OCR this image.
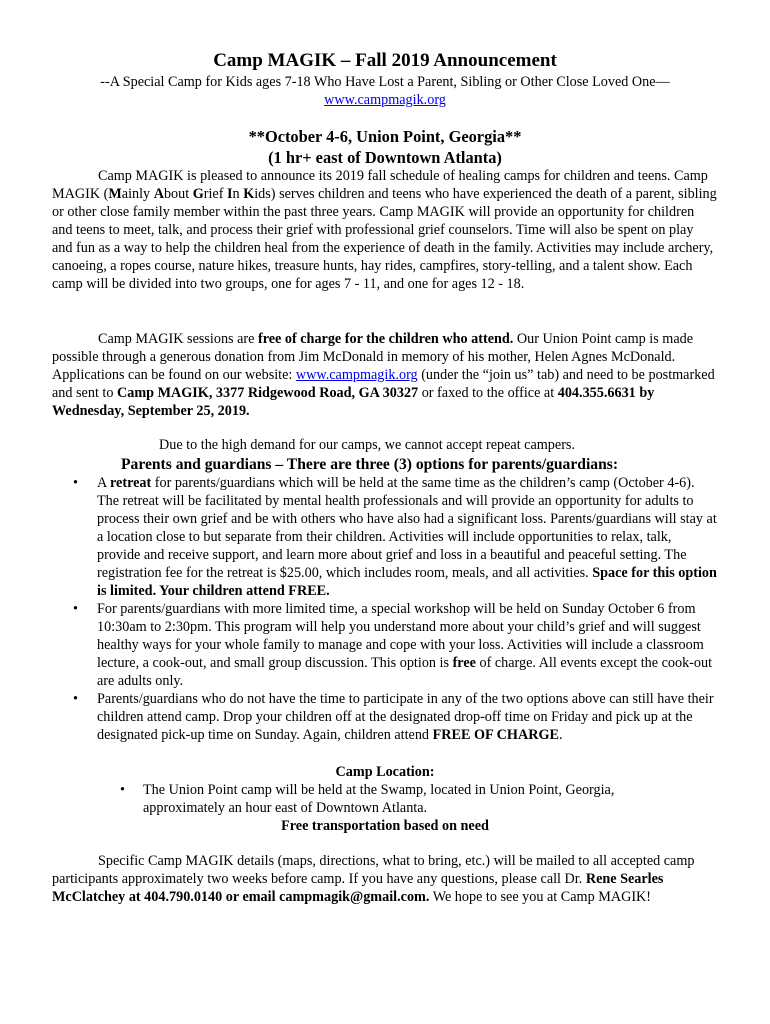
Camp MAGIK – Fall 2019 Announcement
--A Special Camp for Kids ages 7-18 Who Have Lost a Parent, Sibling or Other Close Loved One—
www.campmagik.org
**October 4-6, Union Point, Georgia**
(1 hr+ east of Downtown Atlanta)

Camp MAGIK is pleased to announce its 2019 fall schedule of healing camps for children and teens. Camp MAGIK (Mainly About Grief In Kids) serves children and teens who have experienced the death of a parent, sibling or other close family member within the past three years. Camp MAGIK will provide an opportunity for children and teens to meet, talk, and process their grief with professional grief counselors. Time will also be spent on play and fun as a way to help the children heal from the experience of death in the family. Activities may include archery, canoeing, a ropes course, nature hikes, treasure hunts, hay rides, campfires, story-telling, and a talent show. Each camp will be divided into two groups, one for ages 7 - 11, and one for ages 12 - 18.

Camp MAGIK sessions are free of charge for the children who attend. Our Union Point camp is made possible through a generous donation from Jim McDonald in memory of his mother, Helen Agnes McDonald. Applications can be found on our website: www.campmagik.org (under the “join us” tab) and need to be postmarked and sent to Camp MAGIK, 3377 Ridgewood Road, GA 30327 or faxed to the office at 404.355.6631 by Wednesday, September 25, 2019.

Due to the high demand for our camps, we cannot accept repeat campers.
Parents and guardians – There are three (3) options for parents/guardians:
• A retreat for parents/guardians which will be held at the same time as the children’s camp (October 4-6). The retreat will be facilitated by mental health professionals and will provide an opportunity for adults to process their own grief and be with others who have also had a significant loss. Parents/guardians will stay at a location close to but separate from their children. Activities will include opportunities to relax, talk, provide and receive support, and learn more about grief and loss in a beautiful and peaceful setting. The registration fee for the retreat is $25.00, which includes room, meals, and all activities. Space for this option is limited. Your children attend FREE.
• For parents/guardians with more limited time, a special workshop will be held on Sunday October 6 from 10:30am to 2:30pm. This program will help you understand more about your child’s grief and will suggest healthy ways for your whole family to manage and cope with your loss. Activities will include a classroom lecture, a cook-out, and small group discussion. This option is free of charge. All events except the cook-out are adults only.
• Parents/guardians who do not have the time to participate in any of the two options above can still have their children attend camp. Drop your children off at the designated drop-off time on Friday and pick up at the designated pick-up time on Sunday. Again, children attend FREE OF CHARGE.
Camp Location:
• The Union Point camp will be held at the Swamp, located in Union Point, Georgia, approximately an hour east of Downtown Atlanta.
Free transportation based on need

Specific Camp MAGIK details (maps, directions, what to bring, etc.) will be mailed to all accepted camp participants approximately two weeks before camp. If you have any questions, please call Dr. Rene Searles McClatchey at 404.790.0140 or email campmagik@gmail.com. We hope to see you at Camp MAGIK!
